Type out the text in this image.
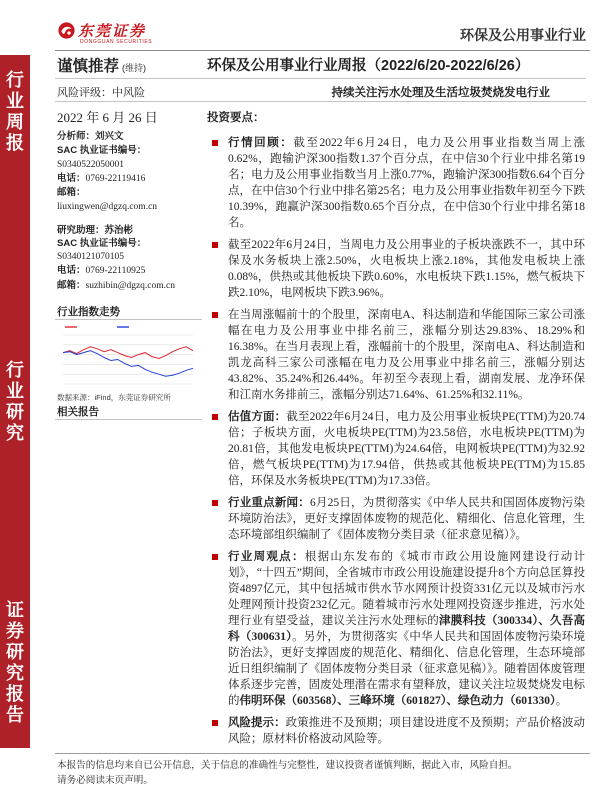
东莞证券
DONGGUAN SECURITIES	环保及公用事业行业
行业周报
行业研究
证券研究报告
谨慎推荐 (维持)
风险评级：中风险
2022 年 6 月 26 日
分析师：刘兴文
SAC 执业证书编号：
S0340522050001
电话：0769-22119416
邮箱：
liuxingwen@dgzq.com.cn
研究助理：苏治彬
SAC 执业证书编号：
S0340121070105
电话：0769-22110925
邮箱：suzhibin@dgzq.com.cn
行业指数走势
数据来源：iFind，东莞证券研究所
相关报告
环保及公用事业行业周报（2022/6/20-2022/6/26）
持续关注污水处理及生活垃圾焚烧发电行业
投资要点：
行情回顾：截至2022年6月24日，电力及公用事业指数当周上涨0.62%，跑输沪深300指数1.37个百分点，在中信30个行业中排名第19名；电力及公用事业指数当月上涨0.77%，跑输沪深300指数6.64个百分点，在中信30个行业中排名第25名；电力及公用事业指数年初至今下跌10.39%，跑赢沪深300指数0.65个百分点，在中信30个行业中排名第18名。
截至2022年6月24日，当周电力及公用事业的子板块涨跌不一，其中环保及水务板块上涨2.50%，火电板块上涨2.18%，其他发电板块上涨0.08%，供热或其他板块下跌0.60%，水电板块下跌1.15%，燃气板块下跌2.10%，电网板块下跌3.96%。
在当周涨幅前十的个股里，深南电A、科达制造和华能国际三家公司涨幅在电力及公用事业中排名前三，涨幅分别达29.83%、18.29%和16.38%。在当月表现上看，涨幅前十的个股里，深南电A、科达制造和凯龙高科三家公司涨幅在电力及公用事业中排名前三，涨幅分别达43.82%、35.24%和26.44%。年初至今表现上看，湖南发展、龙净环保和江南水务排前三，涨幅分别达71.64%、61.25%和32.11%。
估值方面：截至2022年6月24日，电力及公用事业板块PE(TTM)为20.74倍；子板块方面，火电板块PE(TTM)为23.58倍，水电板块PE(TTM)为20.81倍，其他发电板块PE(TTM)为24.64倍，电网板块PE(TTM)为32.92倍，燃气板块PE(TTM)为17.94倍，供热或其他板块PE(TTM)为15.85倍，环保及水务板块PE(TTM)为17.33倍。
行业重点新闻：6月25日，为贯彻落实《中华人民共和国固体废物污染环境防治法》，更好支撑固体废物的规范化、精细化、信息化管理，生态环境部组织编制了《固体废物分类目录（征求意见稿）》。
行业周观点：根据山东发布的《城市市政公用设施网建设行动计划》，“十四五”期间，全省城市市政公用设施建设提升8个方向总匡算投资4897亿元，其中包括城市供水节水网预计投资331亿元以及城市污水处理网预计投资232亿元。随着城市污水处理网投资逐步推进，污水处理行业有望受益，建议关注污水处理标的津膜科技（300334）、久吾高科（300631）。另外，为贯彻落实《中华人民共和国固体废物污染环境防治法》，更好支撑固废的规范化、精细化、信息化管理，生态环境部近日组织编制了《固体废物分类目录（征求意见稿）》。随着固体废管理体系逐步完善，固废处理潜在需求有望释放，建议关注垃圾焚烧发电标的伟明环保（603568）、三峰环境（601827）、绿色动力（601330）。
风险提示：政策推进不及预期；项目建设进度不及预期；产品价格波动风险；原材料价格波动风险等。
本报告的信息均来自已公开信息，关于信息的准确性与完整性，建议投资者谨慎判断，据此入市，风险自担。
请务必阅读末页声明。
